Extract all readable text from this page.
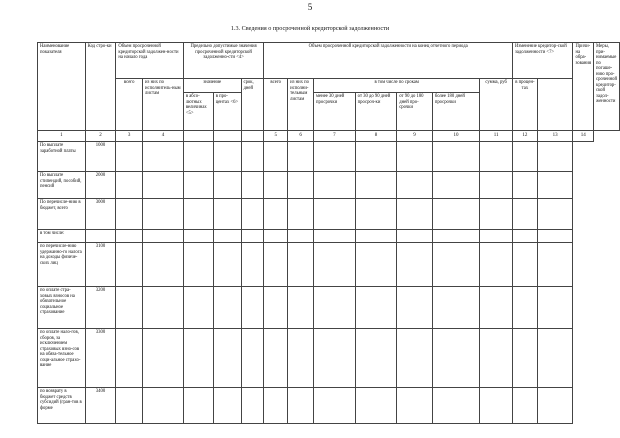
5
1.3. Сведения о просроченной кредиторской задолженности
Наименование показателя	Код стро-ки	Объем просроченной кредиторской задолжен-ности на начало года		Предельно допустимые значения просроченной кредиторской задолженно-сти <4>			Объем просроченной кредиторской задолженности на конец отчетного периода							Изменение кредитор-ской задолженности <7>		Причи-на обра-зования	Меры, при-нимаемые по погаше-нию про-сроченной кредитор-ской задол-женности
		всего	из них по исполнитель-ным листам	значение		срок, дней	всего	из них по исполни-тельным листам	в том числе по срокам				сумма, руб	в процен-тах			
				в абсо-лютных величинах <5>	в про-центах <6>				менее 30 дней просрочки	от 30 до 90 дней просроч-ки	от 90 до 180 дней про-срочки	более 180 дней просрочки					
1	2	3	4				5	6	7	8	9	10	11	12	13	14	
По выплате заработной платы	1000																
По выплате стипендий, пособий, пенсий	2000																
По перечисле-нию в бюджет, всего	3000																
в том числе:																	
по перечисле-нию удержанно-го налога на доходы физиче-ских лиц	3100																
по оплате стра-ховых взносов на обязательное социальное страхование	3200																
по оплате нало-гов, сборов, за исключением страховых взно-сов на обяза-тельное соци-альное страхо-вание	3300																
по возврату в бюджет средств субсидий (гран-тов в форме	3400																
